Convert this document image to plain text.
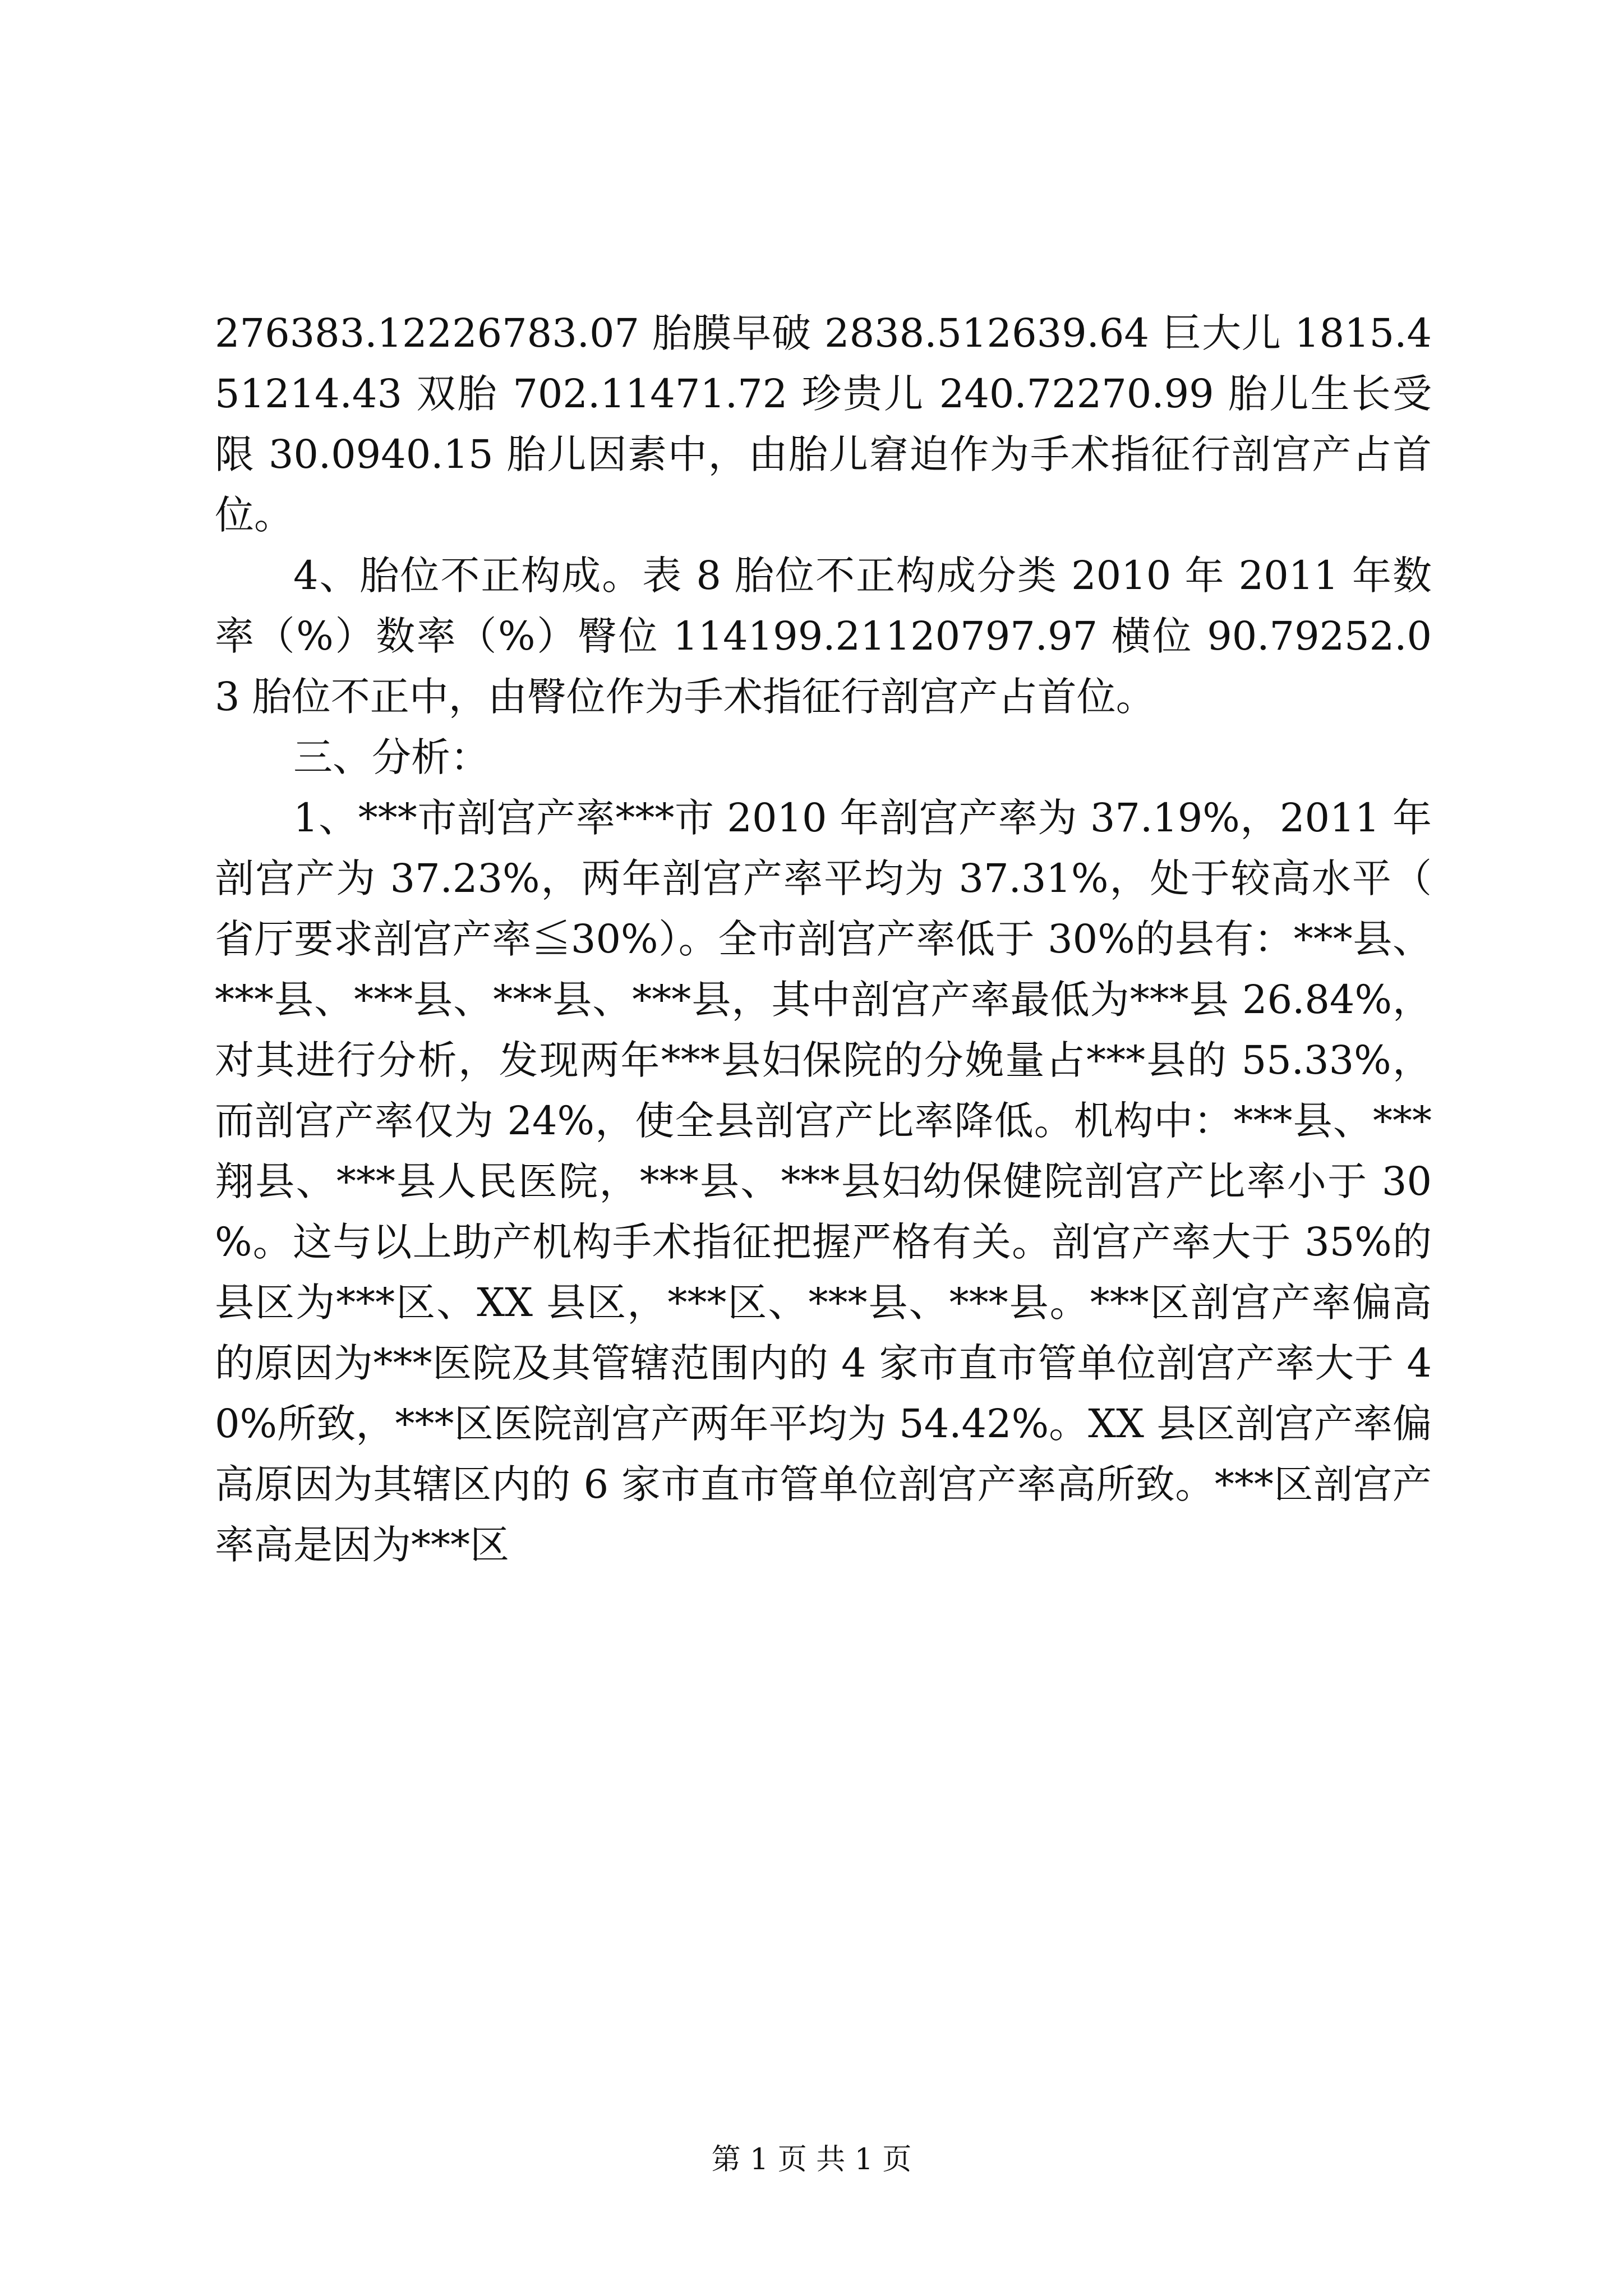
276383.12226783.07 胎膜早破 2838.512639.64 巨大儿 1815.451214.43 双胎 702.11471.72 珍贵儿 240.72270.99 胎儿生长受限 30.0940.15 胎儿因素中，由胎儿窘迫作为手术指征行剖宫产占首位。

4、胎位不正构成。表 8 胎位不正构成分类 2010 年 2011 年数率（%）数率（%）臀位 114199.21120797.97 横位 90.79252.03 胎位不正中，由臀位作为手术指征行剖宫产占首位。

三、分析：

1、***市剖宫产率***市 2010 年剖宫产率为 37.19%，2011 年剖宫产为 37.23%，两年剖宫产率平均为 37.31%，处于较高水平（省厅要求剖宫产率≦30%）。全市剖宫产率低于 30%的县有：***县、***县、***县、***县、***县，其中剖宫产率最低为***县 26.84%，对其进行分析，发现两年***县妇保院的分娩量占***县的 55.33%，而剖宫产率仅为 24%，使全县剖宫产比率降低。机构中：***县、***翔县、***县人民医院，***县、***县妇幼保健院剖宫产比率小于 30%。这与以上助产机构手术指征把握严格有关。剖宫产率大于 35%的县区为***区、XX 县区，***区、***县、***县。***区剖宫产率偏高的原因为***医院及其管辖范围内的 4 家市直市管单位剖宫产率大于 40%所致，***区医院剖宫产两年平均为 54.42%。XX 县区剖宫产率偏高原因为其辖区内的 6 家市直市管单位剖宫产率高所致。***区剖宫产率高是因为***区

第 1 页 共 1 页
